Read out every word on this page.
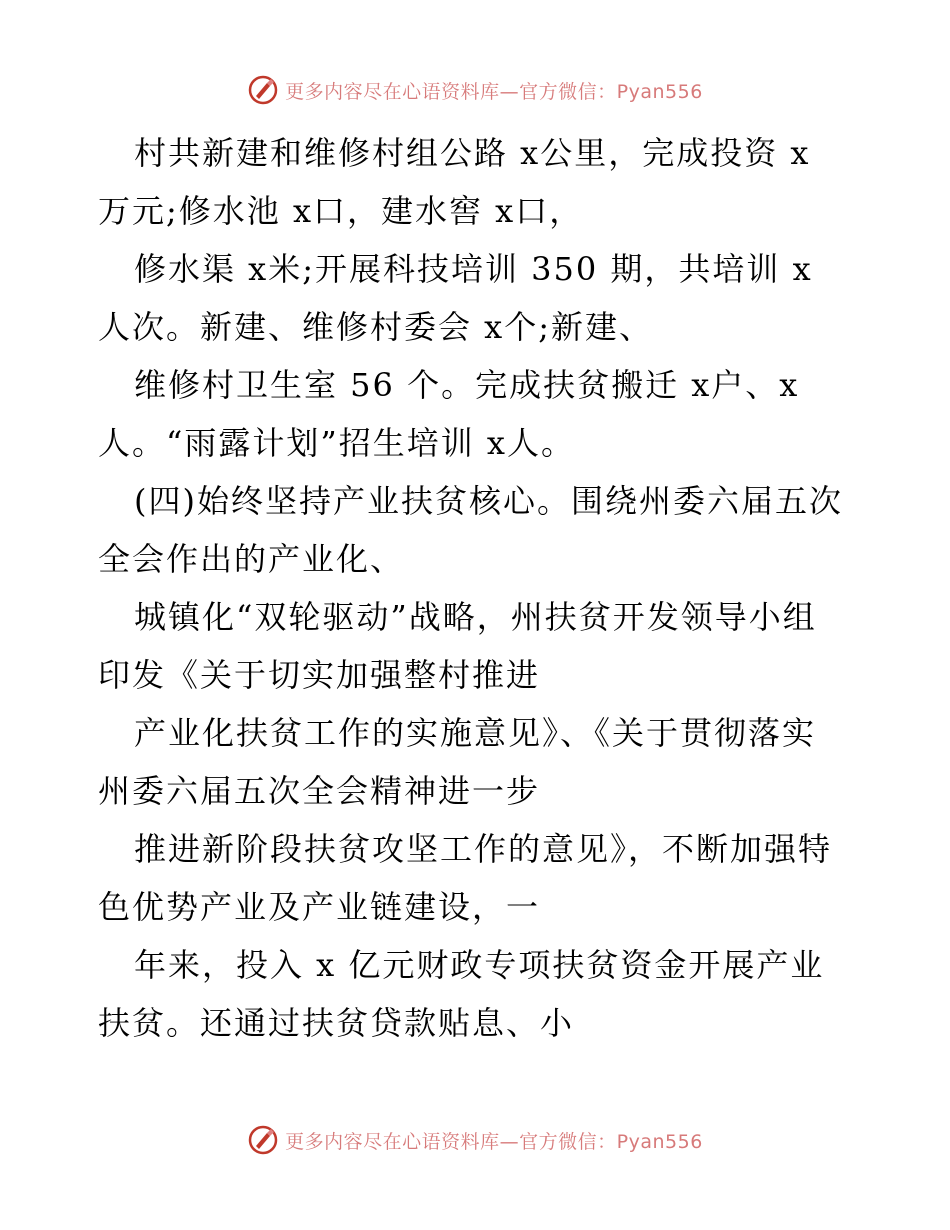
更多内容尽在心语资料库— 官方微信：Pyan556
村共新建和维修村组公路 x公里，完成投资 x
万元;修水池 x口，建水窖 x口，
修水渠 x米;开展科技培训 350 期，共培训 x
人次。新建、维修村委会 x个;新建、
维修村卫生室 56 个。完成扶贫搬迁 x户、x
人。“雨露计划”招生培训 x人。
(四)始终坚持产业扶贫核心。围绕州委六届五次
全会作出的产业化、
城镇化“双轮驱动”战略，州扶贫开发领导小组
印发《关于切实加强整村推进
产业化扶贫工作的实施意见》、《关于贯彻落实
州委六届五次全会精神进一步
推进新阶段扶贫攻坚工作的意见》，不断加强特
色优势产业及产业链建设，一
年来，投入 x 亿元财政专项扶贫资金开展产业
扶贫。还通过扶贫贷款贴息、小
更多内容尽在心语资料库— 官方微信：Pyan556
